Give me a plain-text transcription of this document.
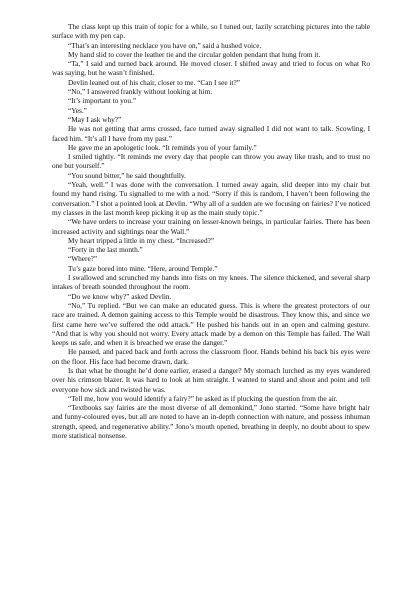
The class kept up this train of topic for a while, so I tuned out, lazily scratching pictures into the table surface with my pen cap.

“That’s an interesting necklace you have on,” said a hushed voice.

My hand slid to cover the leather tie and the circular golden pendant that hung from it.

“Ta,” I said and turned back around. He moved closer. I shifted away and tried to focus on what Ro was saying, but he wasn’t finished.

Devlin leaned out of his chair, closer to me. “Can I see it?”

“No,” I answered frankly without looking at him.

“It’s important to you.”

“Yes.”

“May I ask why?”

He was not getting that arms crossed, face turned away signalled I did not want to talk. Scowling, I faced him. “It’s all I have from my past.”

He gave me an apologetic look. “It reminds you of your family.”

I smiled tightly. “It reminds me every day that people can throw you away like trash, and to trust no one but yourself.”

“You sound bitter,” he said thoughtfully.

“Yeah, well.” I was done with the conversation. I turned away again, slid deeper into my chair but found my hand rising. Tu signalled to me with a nod. “Sorry if this is random, I haven’t been following the conversation.” I shot a pointed look at Devlin. “Why all of a sudden are we focusing on fairies? I’ve noticed my classes in the last month keep picking it up as the main study topic.”

“We have orders to increase your training on lesser-known beings, in particular fairies. There has been increased activity and sightings near the Wall.”

My heart tripped a little in my chest. “Increased?”

“Forty in the last month.”

“Where?”

Tu’s gaze bored into mine. “Here, around Temple.”

I swallowed and scrunched my hands into fists on my knees. The silence thickened, and several sharp intakes of breath sounded throughout the room.

“Do we know why?” asked Devlin.

“No,” Tu replied. “But we can make an educated guess. This is where the greatest protectors of our race are trained. A demon gaining access to this Temple would be disastrous. They know this, and since we first came here we’ve suffered the odd attack.” He pushed his hands out in an open and calming gesture. “And that is why you should not worry. Every attack made by a demon on this Temple has failed. The Wall keeps us safe, and when it is breached we erase the danger.”

He paused, and paced back and forth across the classroom floor. Hands behind his back his eyes were on the floor. His face had become drawn, dark.

Is that what he thought he’d done earlier, erased a danger? My stomach lurched as my eyes wandered over his crimson blazer. It was hard to look at him straight. I wanted to stand and shout and point and tell everyone how sick and twisted he was.

“Tell me, how you would identify a fairy?” he asked as if plucking the question from the air.

“Textbooks say fairies are the most diverse of all demonkind,” Jono started. “Some have bright hair and funny-coloured eyes, but all are noted to have an in-depth connection with nature, and possess inhuman strength, speed, and regenerative ability.” Jono’s mouth opened, breathing in deeply, no doubt about to spew more statistical nonsense.
